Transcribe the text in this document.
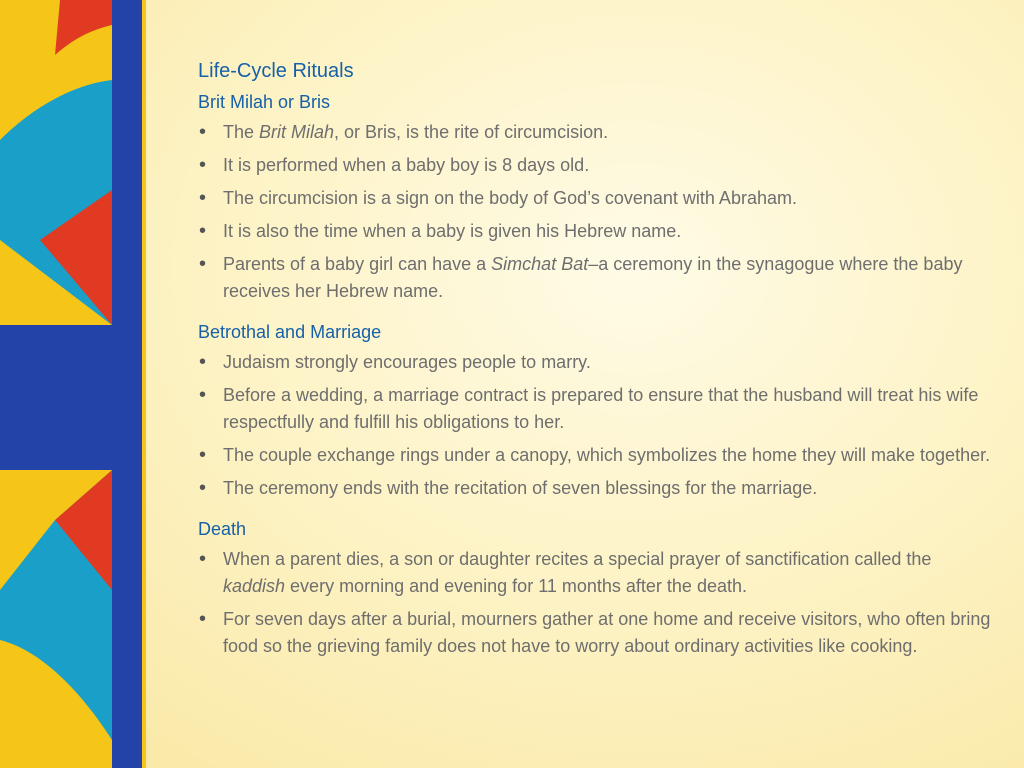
Life-Cycle Rituals
Brit Milah or Bris
• The Brit Milah, or Bris, is the rite of circumcision.
• It is performed when a baby boy is 8 days old.
• The circumcision is a sign on the body of God’s covenant with Abraham.
• It is also the time when a baby is given his Hebrew name.
• Parents of a baby girl can have a Simchat Bat–a ceremony in the synagogue where the baby receives her Hebrew name.
Betrothal and Marriage
• Judaism strongly encourages people to marry.
• Before a wedding, a marriage contract is prepared to ensure that the husband will treat his wife respectfully and fulfill his obligations to her.
• The couple exchange rings under a canopy, which symbolizes the home they will make together.
• The ceremony ends with the recitation of seven blessings for the marriage.
Death
• When a parent dies, a son or daughter recites a special prayer of sanctification called the kaddish every morning and evening for 11 months after the death.
• For seven days after a burial, mourners gather at one home and receive visitors, who often bring food so the grieving family does not have to worry about ordinary activities like cooking.
